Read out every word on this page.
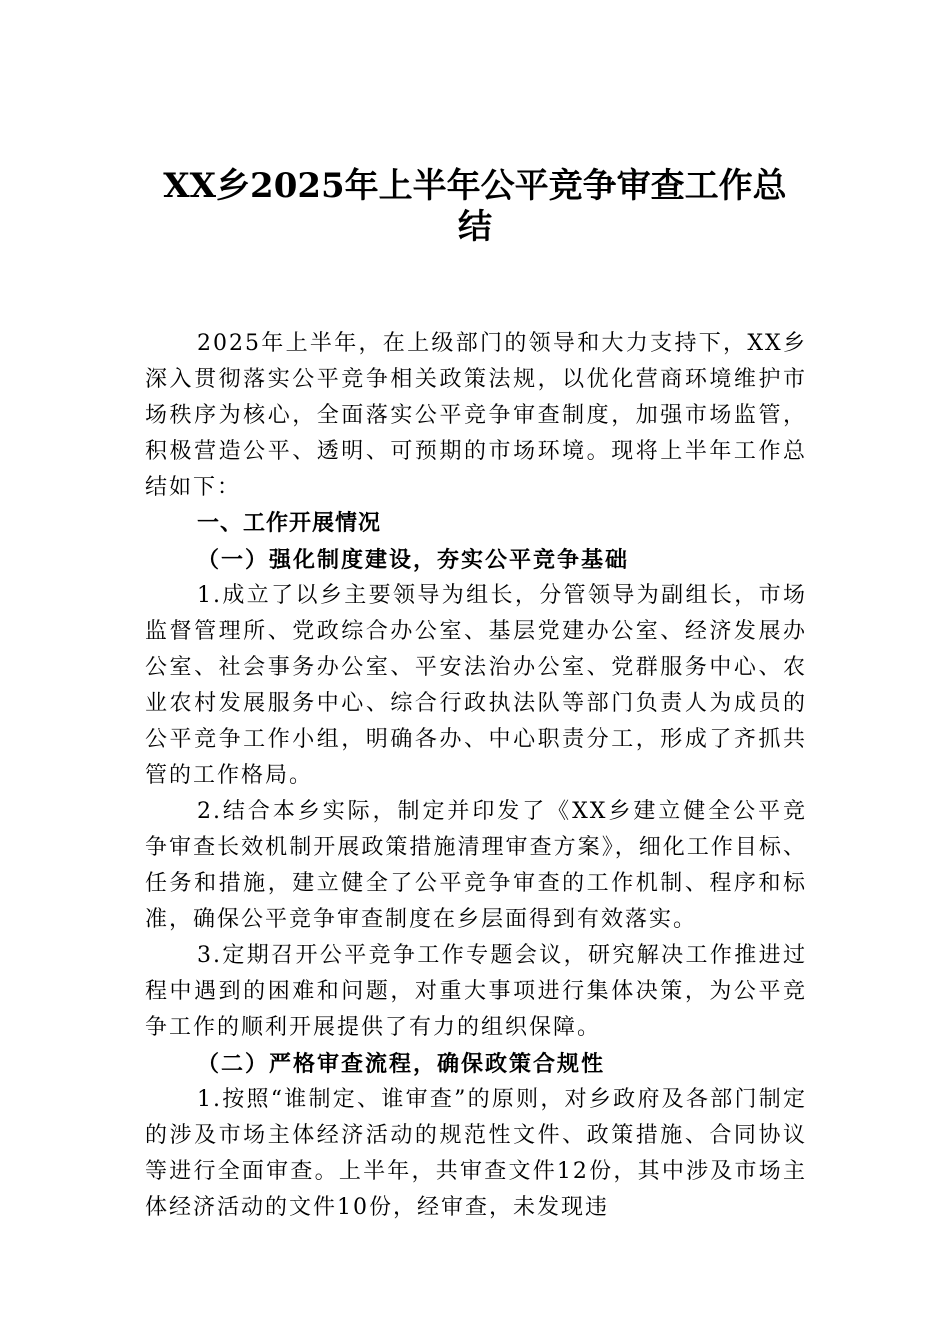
XX乡2025年上半年公平竞争审查工作总
结

2025年上半年，在上级部门的领导和大力支持下，XX乡深入贯彻落实公平竞争相关政策法规，以优化营商环境维护市场秩序为核心，全面落实公平竞争审查制度，加强市场监管，积极营造公平、透明、可预期的市场环境。现将上半年工作总结如下：

一、工作开展情况

（一）强化制度建设，夯实公平竞争基础

1.成立了以乡主要领导为组长，分管领导为副组长，市场监督管理所、党政综合办公室、基层党建办公室、经济发展办公室、社会事务办公室、平安法治办公室、党群服务中心、农业农村发展服务中心、综合行政执法队等部门负责人为成员的公平竞争工作小组，明确各办、中心职责分工，形成了齐抓共管的工作格局。

2.结合本乡实际，制定并印发了《XX乡建立健全公平竞争审查长效机制开展政策措施清理审查方案》，细化工作目标、任务和措施，建立健全了公平竞争审查的工作机制、程序和标准，确保公平竞争审查制度在乡层面得到有效落实。

3.定期召开公平竞争工作专题会议，研究解决工作推进过程中遇到的困难和问题，对重大事项进行集体决策，为公平竞争工作的顺利开展提供了有力的组织保障。

（二）严格审查流程，确保政策合规性

1.按照“谁制定、谁审查”的原则，对乡政府及各部门制定的涉及市场主体经济活动的规范性文件、政策措施、合同协议等进行全面审查。上半年，共审查文件12份，其中涉及市场主体经济活动的文件10份，经审查，未发现违
